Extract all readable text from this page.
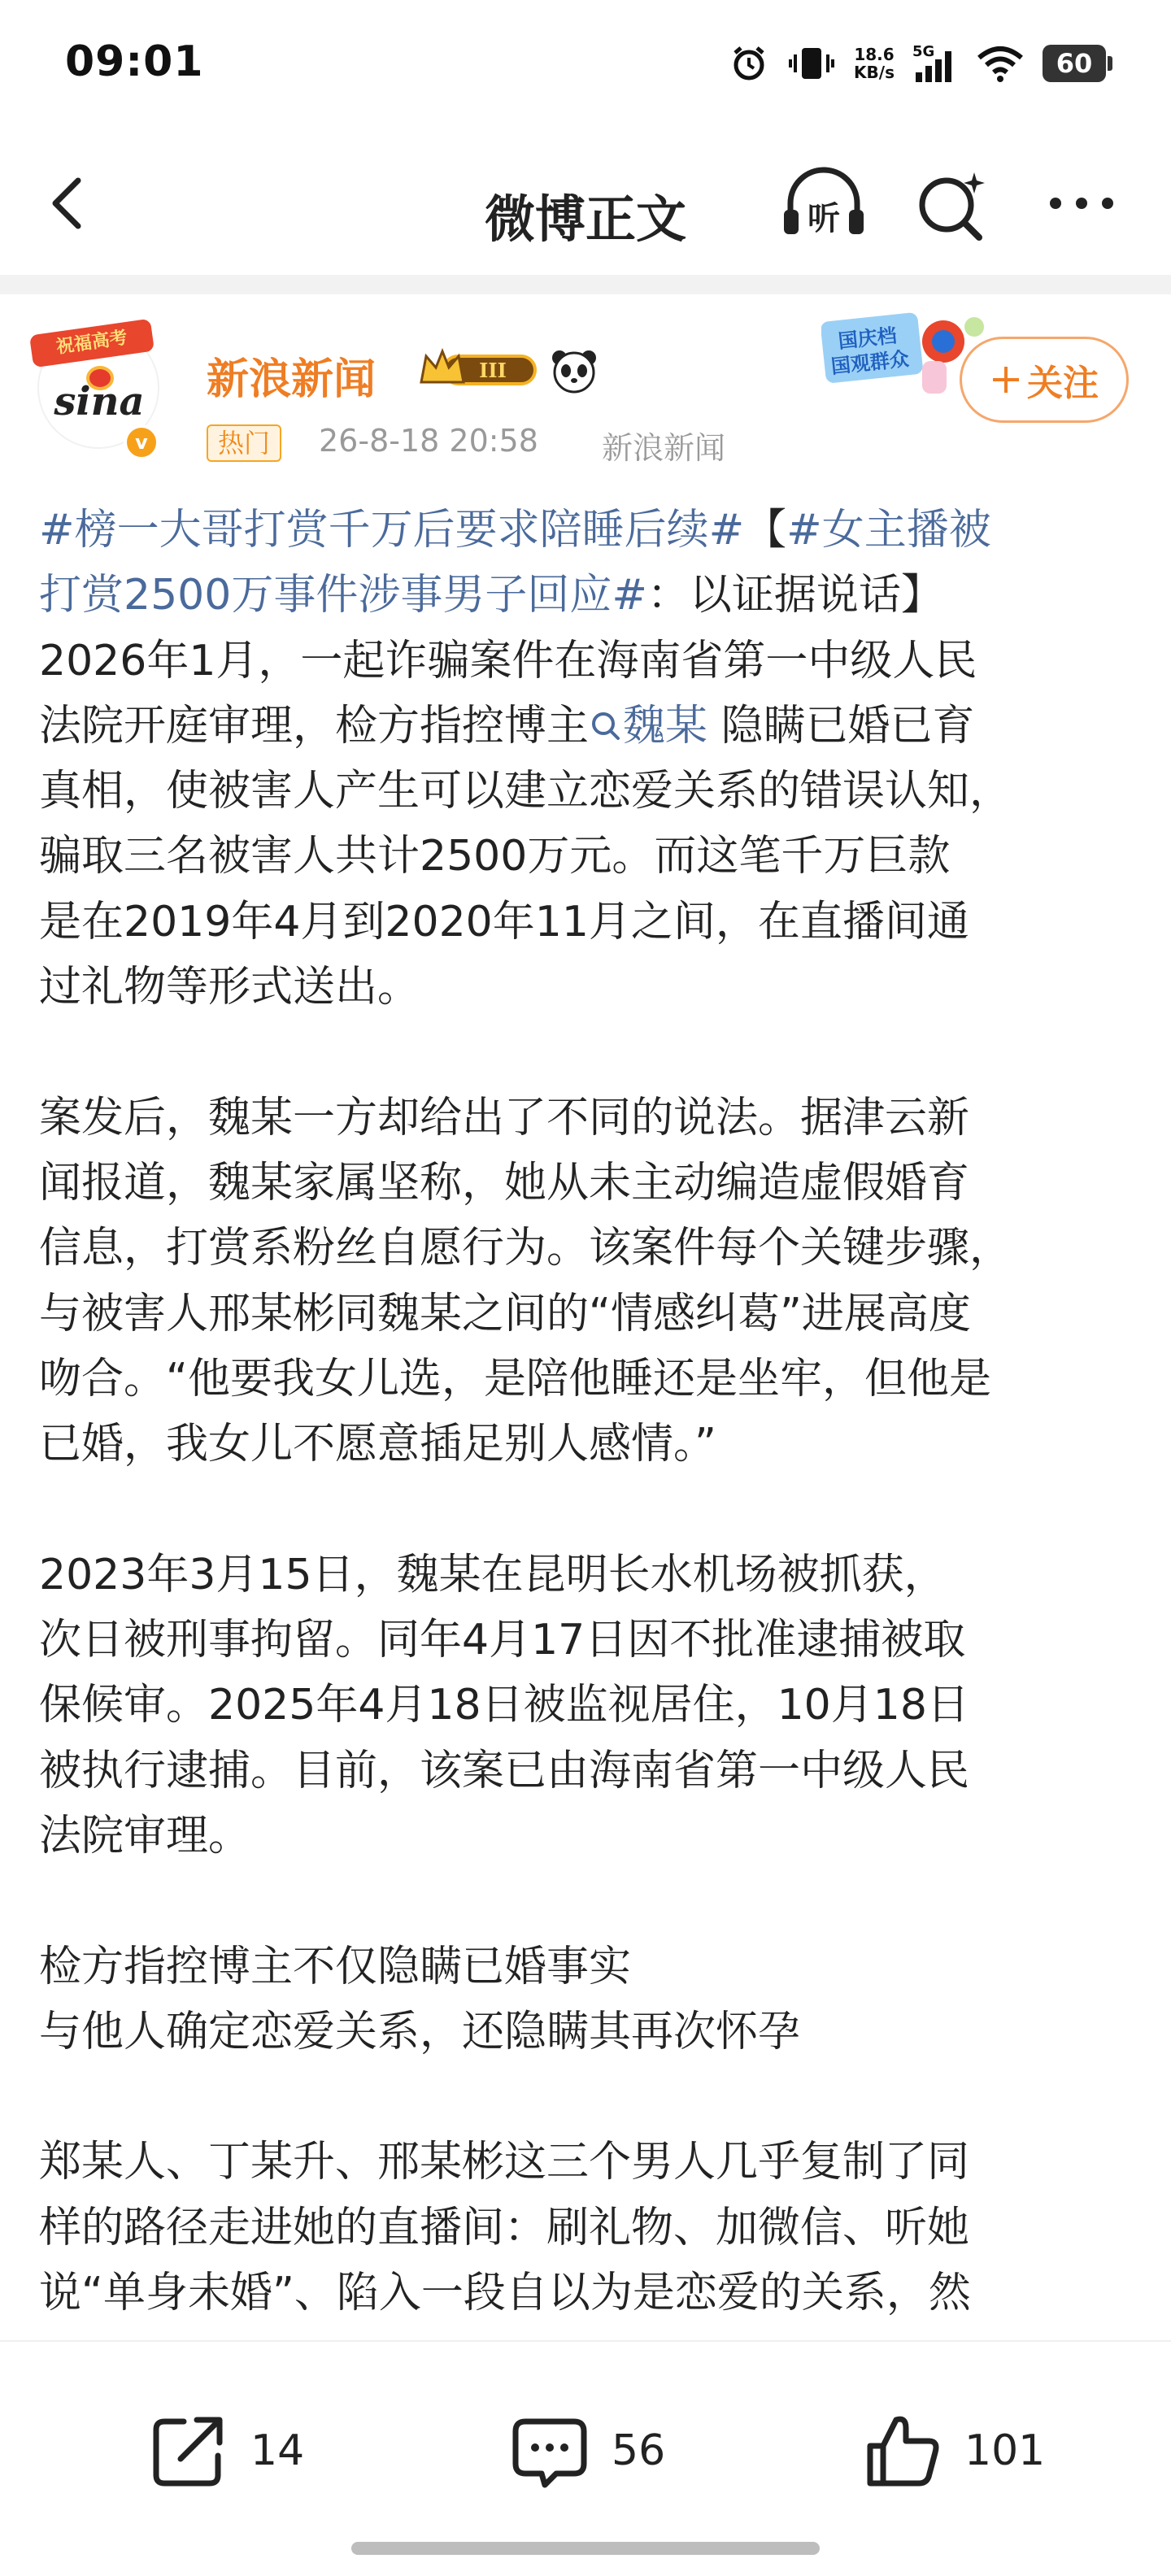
09:01	18.6
KB/s
5G	60
微博正文	听
祝福高考
sina
v
新浪新闻	III
热门	26-8-18 20:58 新浪新闻
国庆档
国观群众	关注

#榜一大哥打赏千万后要求陪睡后续#【#女主播被

打赏2500万事件涉事男子回应#：以证据说话】

2026年1月，一起诈骗案件在海南省第一中级人民

法院开庭审理，检方指控博主 魏某 隐瞒已婚已育

真相，使被害人产生可以建立恋爱关系的错误认知，

骗取三名被害人共计2500万元。而这笔千万巨款

是在2019年4月到2020年11月之间，在直播间通

过礼物等形式送出。

案发后，魏某一方却给出了不同的说法。据津云新

闻报道，魏某家属坚称，她从未主动编造虚假婚育

信息，打赏系粉丝自愿行为。该案件每个关键步骤，

与被害人邢某彬同魏某之间的“情感纠葛”进展高度

吻合。“他要我女儿选，是陪他睡还是坐牢，但他是

已婚，我女儿不愿意插足别人感情。”

2023年3月15日，魏某在昆明长水机场被抓获，

次日被刑事拘留。同年4月17日因不批准逮捕被取

保候审。2025年4月18日被监视居住，10月18日

被执行逮捕。目前，该案已由海南省第一中级人民

法院审理。

检方指控博主不仅隐瞒已婚事实

与他人确定恋爱关系，还隐瞒其再次怀孕

郑某人、丁某升、邢某彬这三个男人几乎复制了同

样的路径走进她的直播间：刷礼物、加微信、听她

说“单身未婚”、陷入一段自以为是恋爱的关系，然

14	56	101
